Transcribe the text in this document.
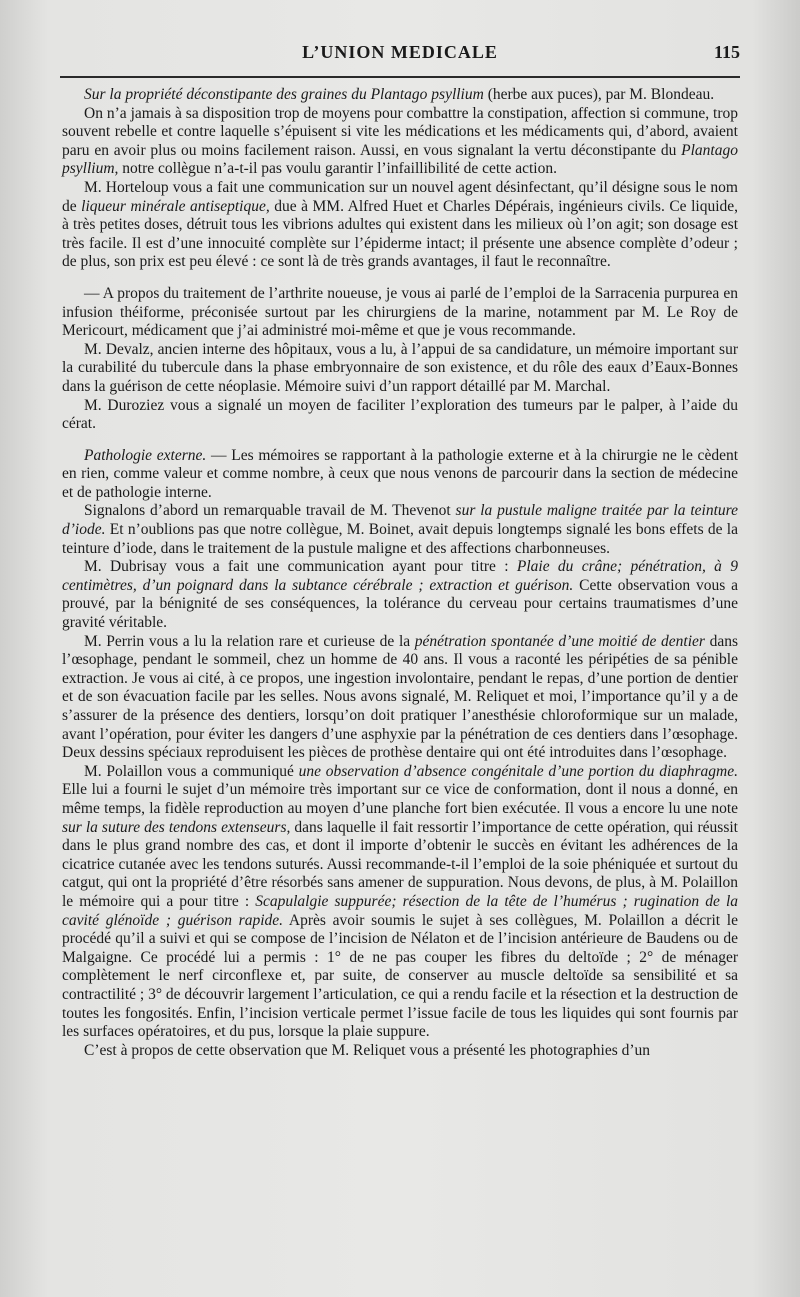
L’UNION MEDICALE	115

Sur la propriété déconstipante des graines du Plantago psyllium (herbe aux puces), par M. Blondeau.

On n’a jamais à sa disposition trop de moyens pour combattre la constipation, affection si commune, trop souvent rebelle et contre laquelle s’épuisent si vite les médications et les médicaments qui, d’abord, avaient paru en avoir plus ou moins facilement raison. Aussi, en vous signalant la vertu déconstipante du Plantago psyllium, notre collègue n’a-t-il pas voulu garantir l’infaillibilité de cette action.

M. Horteloup vous a fait une communication sur un nouvel agent désinfectant, qu’il désigne sous le nom de liqueur minérale antiseptique, due à MM. Alfred Huet et Charles Dépérais, ingénieurs civils. Ce liquide, à très petites doses, détruit tous les vibrions adultes qui existent dans les milieux où l’on agit; son dosage est très facile. Il est d’une innocuité complète sur l’épiderme intact; il présente une absence complète d’odeur ; de plus, son prix est peu élevé : ce sont là de très grands avantages, il faut le reconnaître.

— A propos du traitement de l’arthrite noueuse, je vous ai parlé de l’emploi de la Sarracenia purpurea en infusion théiforme, préconisée surtout par les chirurgiens de la marine, notamment par M. Le Roy de Mericourt, médicament que j’ai administré moi-même et que je vous recommande.

M. Devalz, ancien interne des hôpitaux, vous a lu, à l’appui de sa candidature, un mémoire important sur la curabilité du tubercule dans la phase embryonnaire de son existence, et du rôle des eaux d’Eaux-Bonnes dans la guérison de cette néoplasie. Mémoire suivi d’un rapport détaillé par M. Marchal.

M. Duroziez vous a signalé un moyen de faciliter l’exploration des tumeurs par le palper, à l’aide du cérat.

Pathologie externe. — Les mémoires se rapportant à la pathologie externe et à la chirurgie ne le cèdent en rien, comme valeur et comme nombre, à ceux que nous venons de parcourir dans la section de médecine et de pathologie interne.

Signalons d’abord un remarquable travail de M. Thevenot sur la pustule maligne traitée par la teinture d’iode. Et n’oublions pas que notre collègue, M. Boinet, avait depuis longtemps signalé les bons effets de la teinture d’iode, dans le traitement de la pustule maligne et des affections charbonneuses.

M. Dubrisay vous a fait une communication ayant pour titre : Plaie du crâne; pénétration, à 9 centimètres, d’un poignard dans la subtance cérébrale ; extraction et guérison. Cette observation vous a prouvé, par la bénignité de ses conséquences, la tolérance du cerveau pour certains traumatismes d’une gravité véritable.

M. Perrin vous a lu la relation rare et curieuse de la pénétration spontanée d’une moitié de dentier dans l’œsophage, pendant le sommeil, chez un homme de 40 ans. Il vous a raconté les péripéties de sa pénible extraction. Je vous ai cité, à ce propos, une ingestion involontaire, pendant le repas, d’une portion de dentier et de son évacuation facile par les selles. Nous avons signalé, M. Reliquet et moi, l’importance qu’il y a de s’assurer de la présence des dentiers, lorsqu’on doit pratiquer l’anesthésie chloroformique sur un malade, avant l’opération, pour éviter les dangers d’une asphyxie par la pénétration de ces dentiers dans l’œsophage. Deux dessins spéciaux reproduisent les pièces de prothèse dentaire qui ont été introduites dans l’œsophage.

M. Polaillon vous a communiqué une observation d’absence congénitale d’une portion du diaphragme. Elle lui a fourni le sujet d’un mémoire très important sur ce vice de conformation, dont il nous a donné, en même temps, la fidèle reproduction au moyen d’une planche fort bien exécutée. Il vous a encore lu une note sur la suture des tendons extenseurs, dans laquelle il fait ressortir l’importance de cette opération, qui réussit dans le plus grand nombre des cas, et dont il importe d’obtenir le succès en évitant les adhérences de la cicatrice cutanée avec les tendons suturés. Aussi recommande-t-il l’emploi de la soie phéniquée et surtout du catgut, qui ont la propriété d’être résorbés sans amener de suppuration. Nous devons, de plus, à M. Polaillon le mémoire qui a pour titre : Scapulalgie suppurée; résection de la tête de l’humérus ; rugination de la cavité glénoïde ; guérison rapide. Après avoir soumis le sujet à ses collègues, M. Polaillon a décrit le procédé qu’il a suivi et qui se compose de l’incision de Nélaton et de l’incision antérieure de Baudens ou de Malgaigne. Ce procédé lui a permis : 1° de ne pas couper les fibres du deltoïde ; 2° de ménager complètement le nerf circonflexe et, par suite, de conserver au muscle deltoïde sa sensibilité et sa contractilité ; 3° de découvrir largement l’articulation, ce qui a rendu facile et la résection et la destruction de toutes les fongosités. Enfin, l’incision verticale permet l’issue facile de tous les liquides qui sont fournis par les surfaces opératoires, et du pus, lorsque la plaie suppure.

C’est à propos de cette observation que M. Reliquet vous a présenté les photographies d’un
